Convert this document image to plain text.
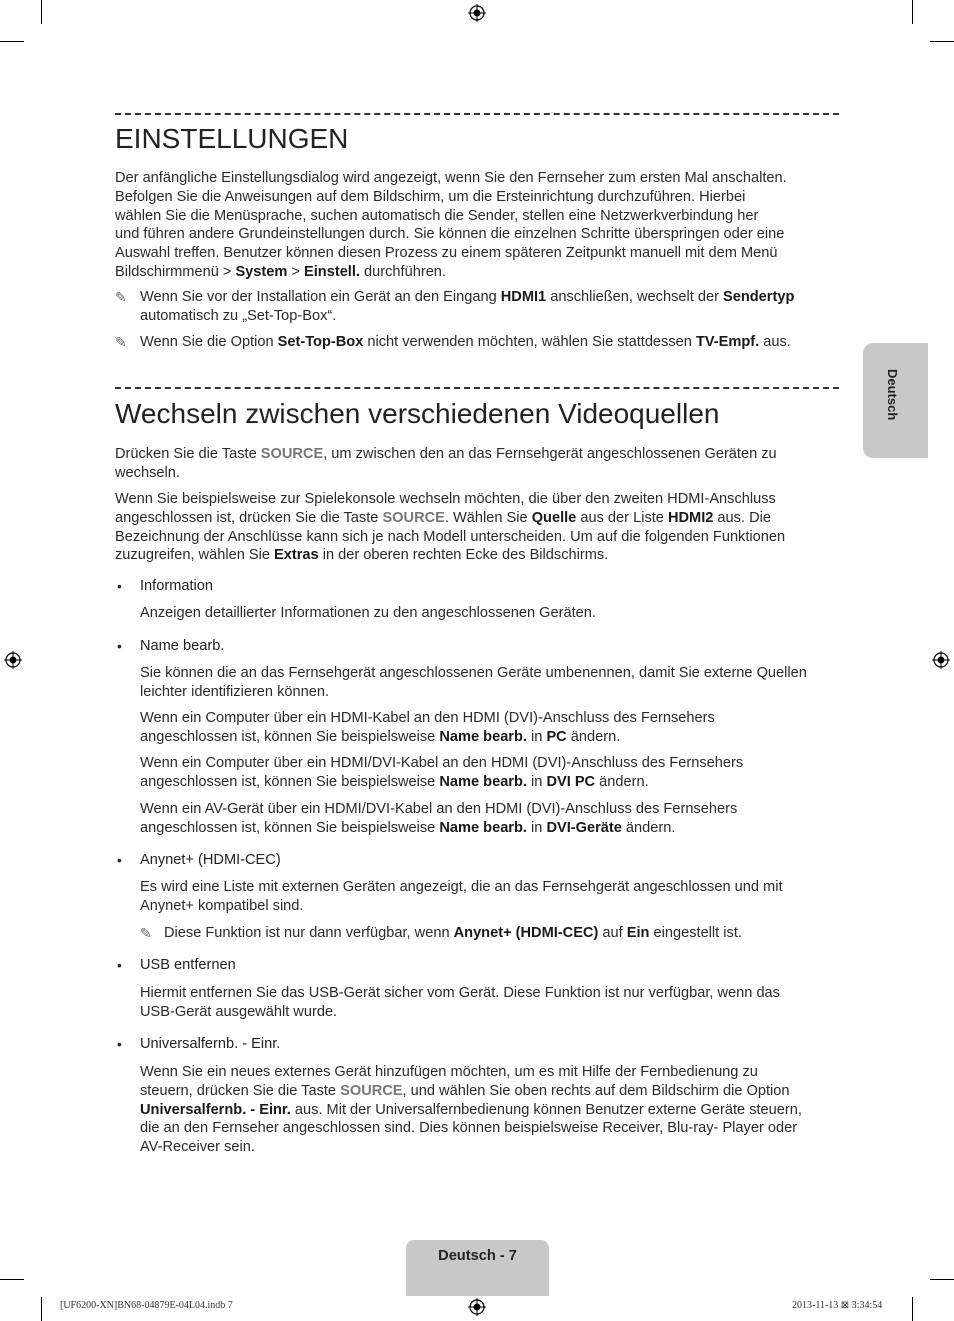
EINSTELLUNGEN

Der anfängliche Einstellungsdialog wird angezeigt, wenn Sie den Fernseher zum ersten Mal anschalten.
Befolgen Sie die Anweisungen auf dem Bildschirm, um die Ersteinrichtung durchzuführen. Hierbei
wählen Sie die Menüsprache, suchen automatisch die Sender, stellen eine Netzwerkverbindung her
und führen andere Grundeinstellungen durch. Sie können die einzelnen Schritte überspringen oder eine
Auswahl treffen. Benutzer können diesen Prozess zu einem späteren Zeitpunkt manuell mit dem Menü
Bildschirmmenü > System > Einstell. durchführen.

✎ Wenn Sie vor der Installation ein Gerät an den Eingang HDMI1 anschließen, wechselt der Sendertyp
automatisch zu „Set-Top-Box“.

✎ Wenn Sie die Option Set-Top-Box nicht verwenden möchten, wählen Sie stattdessen TV-Empf. aus.

Wechseln zwischen verschiedenen Videoquellen

Drücken Sie die Taste SOURCE, um zwischen den an das Fernsehgerät angeschlossenen Geräten zu
wechseln.

Wenn Sie beispielsweise zur Spielekonsole wechseln möchten, die über den zweiten HDMI-Anschluss
angeschlossen ist, drücken Sie die Taste SOURCE. Wählen Sie Quelle aus der Liste HDMI2 aus. Die
Bezeichnung der Anschlüsse kann sich je nach Modell unterscheiden. Um auf die folgenden Funktionen
zuzugreifen, wählen Sie Extras in der oberen rechten Ecke des Bildschirms.

• Information

Anzeigen detaillierter Informationen zu den angeschlossenen Geräten.

• Name bearb.

Sie können die an das Fernsehgerät angeschlossenen Geräte umbenennen, damit Sie externe Quellen
leichter identifizieren können.

Wenn ein Computer über ein HDMI-Kabel an den HDMI (DVI)-Anschluss des Fernsehers
angeschlossen ist, können Sie beispielsweise Name bearb. in PC ändern.

Wenn ein Computer über ein HDMI/DVI-Kabel an den HDMI (DVI)-Anschluss des Fernsehers
angeschlossen ist, können Sie beispielsweise Name bearb. in DVI PC ändern.

Wenn ein AV-Gerät über ein HDMI/DVI-Kabel an den HDMI (DVI)-Anschluss des Fernsehers
angeschlossen ist, können Sie beispielsweise Name bearb. in DVI-Geräte ändern.

• Anynet+ (HDMI-CEC)

Es wird eine Liste mit externen Geräten angezeigt, die an das Fernsehgerät angeschlossen und mit
Anynet+ kompatibel sind.

✎ Diese Funktion ist nur dann verfügbar, wenn Anynet+ (HDMI-CEC) auf Ein eingestellt ist.

• USB entfernen

Hiermit entfernen Sie das USB-Gerät sicher vom Gerät. Diese Funktion ist nur verfügbar, wenn das
USB-Gerät ausgewählt wurde.

• Universalfernb. - Einr.

Wenn Sie ein neues externes Gerät hinzufügen möchten, um es mit Hilfe der Fernbedienung zu
steuern, drücken Sie die Taste SOURCE, und wählen Sie oben rechts auf dem Bildschirm die Option
Universalfernb. - Einr. aus. Mit der Universalfernbedienung können Benutzer externe Geräte steuern,
die an den Fernseher angeschlossen sind. Dies können beispielsweise Receiver, Blu-ray- Player oder
AV-Receiver sein.

Deutsch
Deutsch - 7
[UF6200-XN]BN68-04879E-04L04.indb 7	2013-11-13 ⊠ 3:34:54
